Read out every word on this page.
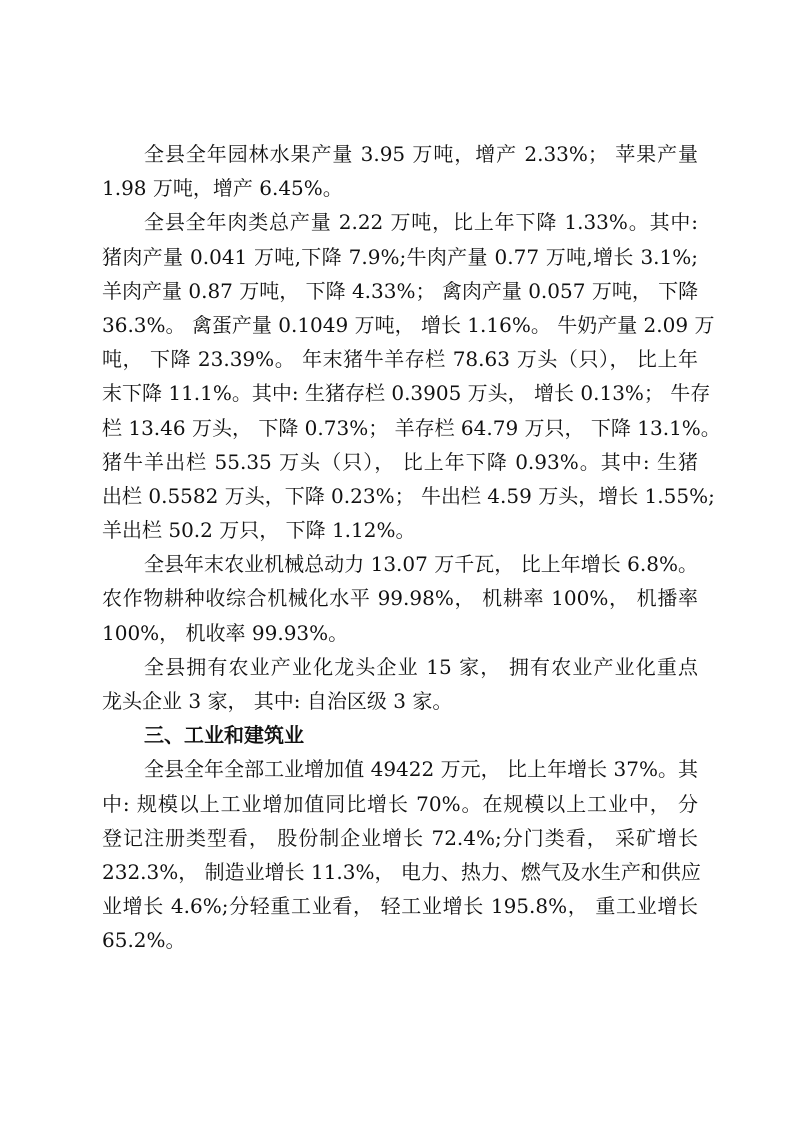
全县全年园林水果产量 3.95 万吨，增产 2.33%； 苹果产量
1.98 万吨，增产 6.45%。
全县全年肉类总产量 2.22 万吨，比上年下降 1.33%。其中:
猪肉产量 0.041 万吨,下降 7.9%;牛肉产量 0.77 万吨,增长 3.1%;
羊肉产量 0.87 万吨， 下降 4.33%； 禽肉产量 0.057 万吨， 下降
36.3%。 禽蛋产量 0.1049 万吨， 增长 1.16%。 牛奶产量 2.09 万
吨， 下降 23.39%。 年末猪牛羊存栏 78.63 万头（只）， 比上年
末下降 11.1%。其中: 生猪存栏 0.3905 万头， 增长 0.13%； 牛存
栏 13.46 万头， 下降 0.73%； 羊存栏 64.79 万只， 下降 13.1%。
猪牛羊出栏 55.35 万头（只）， 比上年下降 0.93%。其中: 生猪
出栏 0.5582 万头，下降 0.23%； 牛出栏 4.59 万头，增长 1.55%;
羊出栏 50.2 万只， 下降 1.12%。
全县年末农业机械总动力 13.07 万千瓦， 比上年增长 6.8%。
农作物耕种收综合机械化水平 99.98%， 机耕率 100%， 机播率
100%， 机收率 99.93%。
全县拥有农业产业化龙头企业 15 家， 拥有农业产业化重点
龙头企业 3 家， 其中: 自治区级 3 家。
三、工业和建筑业
全县全年全部工业增加值 49422 万元， 比上年增长 37%。其
中: 规模以上工业增加值同比增长 70%。在规模以上工业中， 分
登记注册类型看， 股份制企业增长 72.4%;分门类看， 采矿增长
232.3%， 制造业增长 11.3%， 电力、热力、燃气及水生产和供应
业增长 4.6%;分轻重工业看， 轻工业增长 195.8%， 重工业增长
65.2%。
